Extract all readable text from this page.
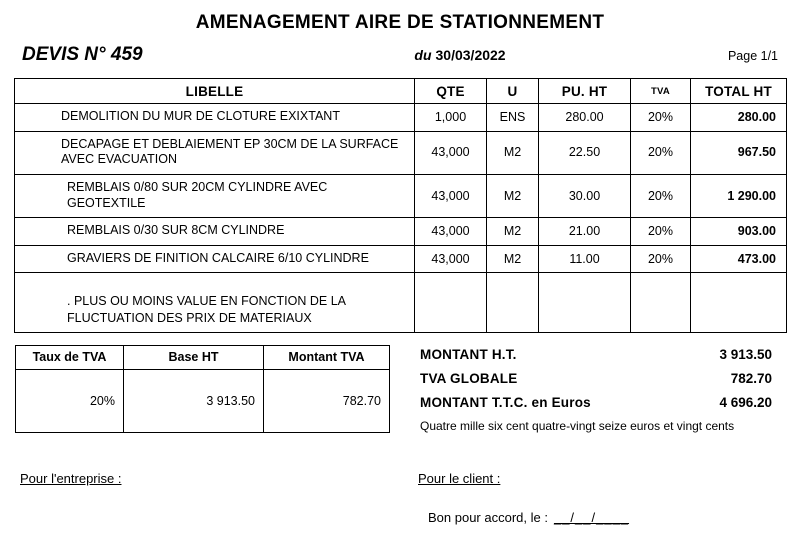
AMENAGEMENT AIRE DE STATIONNEMENT
DEVIS N° 459	du 30/03/2022	Page 1/1
LIBELLE	QTE	U	PU. HT	TVA	TOTAL HT
DEMOLITION DU MUR DE CLOTURE EXIXTANT	1,000	ENS	280.00	20%	280.00
DECAPAGE ET DEBLAIEMENT EP 30CM DE LA SURFACE AVEC EVACUATION	43,000	M2	22.50	20%	967.50
REMBLAIS 0/80 SUR 20CM CYLINDRE AVEC GEOTEXTILE	43,000	M2	30.00	20%	1 290.00
REMBLAIS 0/30 SUR 8CM CYLINDRE	43,000	M2	21.00	20%	903.00
GRAVIERS DE FINITION CALCAIRE 6/10 CYLINDRE	43,000	M2	11.00	20%	473.00
. PLUS OU MOINS VALUE EN FONCTION DE LA FLUCTUATION DES PRIX DE MATERIAUX					
Taux de TVA	Base HT	Montant TVA
20%	3 913.50	782.70
MONTANT H.T.	3 913.50
TVA GLOBALE	782.70
MONTANT T.T.C. en Euros	4 696.20
Quatre mille six cent quatre-vingt seize euros et vingt cents
Pour l'entreprise :	Pour le client :
Bon pour accord, le : __/__/____
